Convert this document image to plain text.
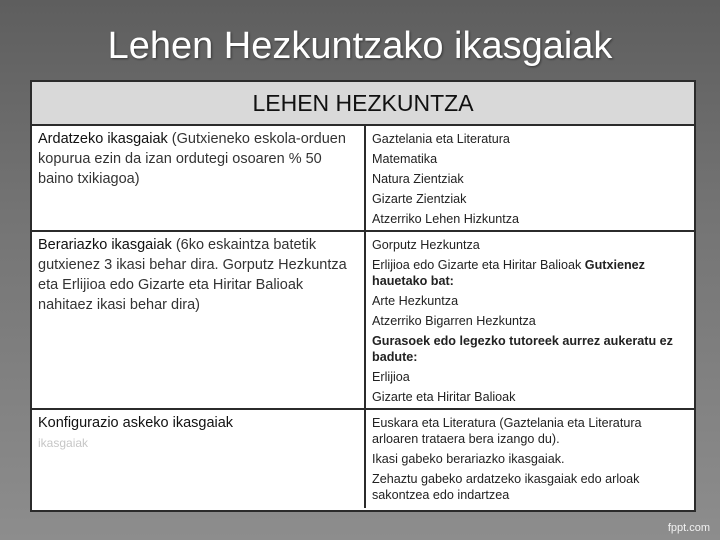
Lehen Hezkuntzako ikasgaiak
LEHEN HEZKUNTZA
Ardatzeko ikasgaiak (Gutxieneko eskola-orduen kopurua ezin da izan ordutegi osoaren % 50 baino txikiagoa)
Gaztelania eta Literatura
Matematika
Natura Zientziak
Gizarte Zientziak
Atzerriko Lehen Hizkuntza
Berariazko ikasgaiak (6ko eskaintza batetik gutxienez 3 ikasi behar dira. Gorputz Hezkuntza eta Erlijioa edo Gizarte eta Hiritar Balioak nahitaez ikasi behar dira)
Gorputz Hezkuntza
Erlijioa edo Gizarte eta Hiritar Balioak Gutxienez hauetako bat:
Arte Hezkuntza
Atzerriko Bigarren Hezkuntza
Gurasoek edo legezko tutoreek aurrez aukeratu ez badute:
Erlijioa
Gizarte eta Hiritar Balioak
Konfigurazio askeko ikasgaiak
ikasgaiak
Euskara eta Literatura (Gaztelania eta Literatura arloaren trataera bera izango du).
Ikasi gabeko berariazko ikasgaiak.
Zehaztu gabeko ardatzeko ikasgaiak edo arloak sakontzea edo indartzea
fppt.com
